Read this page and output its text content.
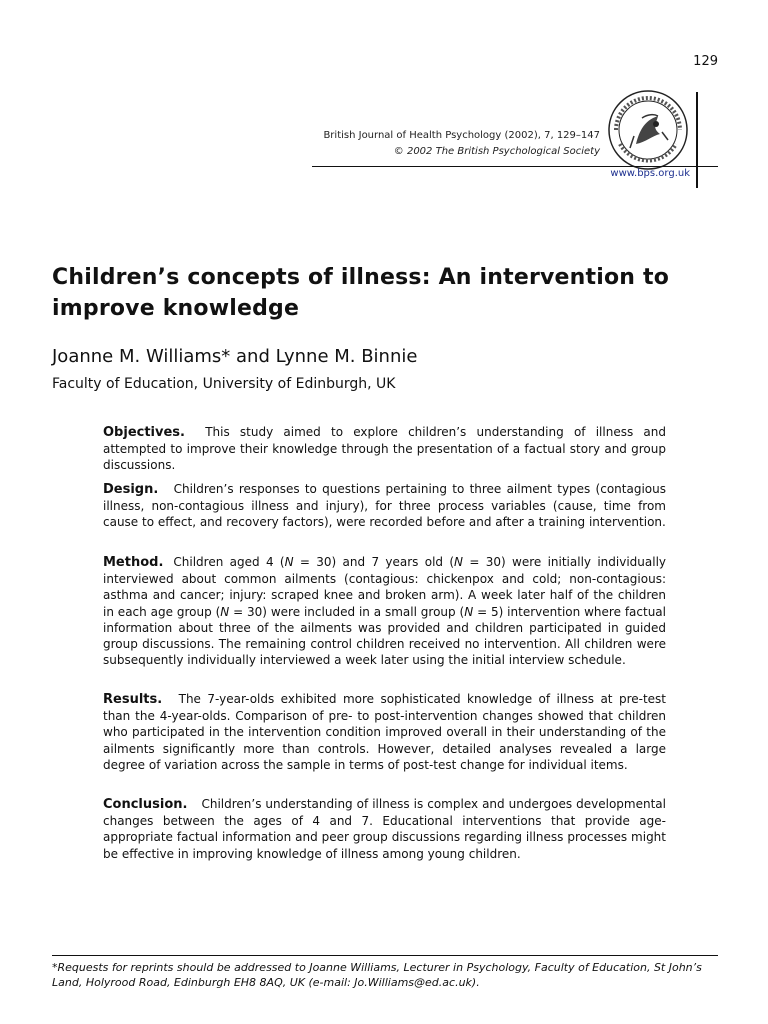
129
British Journal of Health Psychology (2002), 7, 129–147
© 2002 The British Psychological Society
www.bps.org.uk
Children’s concepts of illness: An intervention to improve knowledge
Joanne M. Williams* and Lynne M. Binnie
Faculty of Education, University of Edinburgh, UK
Objectives. This study aimed to explore children’s understanding of illness and attempted to improve their knowledge through the presentation of a factual story and group discussions.
Design. Children’s responses to questions pertaining to three ailment types (contagious illness, non-contagious illness and injury), for three process variables (cause, time from cause to effect, and recovery factors), were recorded before and after a training intervention.
Method. Children aged 4 (N = 30) and 7 years old (N = 30) were initially individually interviewed about common ailments (contagious: chickenpox and cold; non-contagious: asthma and cancer; injury: scraped knee and broken arm). A week later half of the children in each age group (N = 30) were included in a small group (N = 5) intervention where factual information about three of the ailments was provided and children participated in guided group discussions. The remaining control children received no intervention. All children were subsequently individually interviewed a week later using the initial interview schedule.
Results. The 7-year-olds exhibited more sophisticated knowledge of illness at pre-test than the 4-year-olds. Comparison of pre- to post-intervention changes showed that children who participated in the intervention condition improved overall in their understanding of the ailments significantly more than controls. However, detailed analyses revealed a large degree of variation across the sample in terms of post-test change for individual items.
Conclusion. Children’s understanding of illness is complex and undergoes developmental changes between the ages of 4 and 7. Educational interventions that provide age-appropriate factual information and peer group discussions regarding illness processes might be effective in improving knowledge of illness among young children.
*Requests for reprints should be addressed to Joanne Williams, Lecturer in Psychology, Faculty of Education, St John’s Land, Holyrood Road, Edinburgh EH8 8AQ, UK (e-mail: Jo.Williams@ed.ac.uk).
